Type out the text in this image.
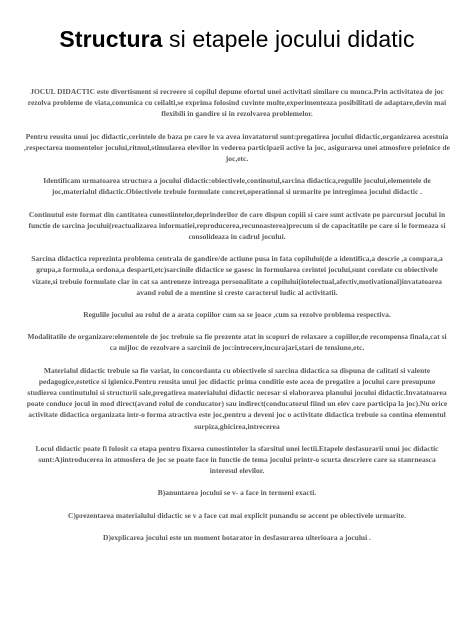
Structura si etapele jocului didatic

JOCUL DIDACTIC este divertisment si recreere si copilul depune efortul unei activitati similare cu munca.Prin activitatea de joc rezolva probleme de viata,comunica cu ceilalti,se exprima folosind cuvinte multe,experimenteaza posibilitati de adaptare,devin mai flexibili in gandire si in rezolvarea problemelor.

Pentru reusita unui joc didactic,cerintele de baza pe care le va avea invatatorul sunt:pregatirea jocului didactic,organizarea acestuia ,respectarea momentelor jocului,ritmul,stimularea elevilor in vederea participarii active la joc, asigurarea unei atmosfere prielnice de joc,etc.

Identificam urmatoarea structura a jocului didactic:obiectivele,continutul,sarcina didactica,regulile jocului,elementele de joc,materialul didactic.Obiectivele trebuie formulate concret,operational si urmarite pe intregimea jocului didactic .

Continutul este format din cantitatea cunostiintelor,deprinderilor de care dispun copiii si care sunt activate pe parcursul jocului in functie de sarcina jocului(reactualizarea informatiei,reproducerea,recunoasterea)precum si de capacitatile pe care si le formeaza si consolideaza in cadrul jocului.

Sarcina didactica reprezinta problema centrala de gandire/de actiune pusa in fata copilului(de a identifica,a descrie ,a compara,a grupa,a formula,a ordona,a desparti,etc)sarcinile didactice se gasesc in formularea cerintei jocului,sunt corelate cu obiectivele vizate,si trebuie formulate clar in cat sa antreneze intreaga personalitate a copilului(intelectual,afectiv,motivational)invatatoarea avand rolul de a mentine si creste caracterul ludic al activitatii.

Regulile jocului au rolul de a arata copiilor cum sa se joace ,cum sa rezolve problema respectiva.

Modalitatile de organizare:elementele de joc trebuie sa fie prezente atat in scopuri de relaxare a copiilor,de recompensa finala,cat si ca mijloc de rezolvare a sarcinii de joc:intrecere,incurajari,stari de tensiune,etc.

Materialul didactic trebuie sa fie variat, in concordanta cu obiectivele si sarcina didactica sa dispuna de calitati si valente pedagogice,estetice si igienice.Pentru reusita unui joc didactic prima conditie este acea de pregatire a jocului care presupune studierea continutului si structurii sale,pregatirea materialului didactic necesar si elaborarea planului jocului didactic.Invatatoarea poate conduce jocul in mod direct(avand rolul de conducator) sau indirect(conducatorul fiind un elev care participa la joc).Nu orice activitate didactica organizata intr-o forma atractiva este joc,pentru a deveni joc o activitate didactica trebuie sa contina elementul surpiza,ghicirea,intrecerea

Locul didactic poate fi folosit ca etapa pentru fixarea cunostintelor la sfarsitul unei lectii.Etapele desfasurarii unui joc didactic sunt:A)introducerea in atmosfera de joc se poate face in functie de tema jocului printr-o scurta descriere care sa stanrneasca interesul elevilor.

B)anuntarea jocului se v- a face in termeni exacti.

C)prezentarea materialului didactic se v a face cat mai explicit punandu se accent pe obiectivele urmarite.

D)explicarea jocului este un moment hotarator in desfasurarea ulterioara a jocului .
